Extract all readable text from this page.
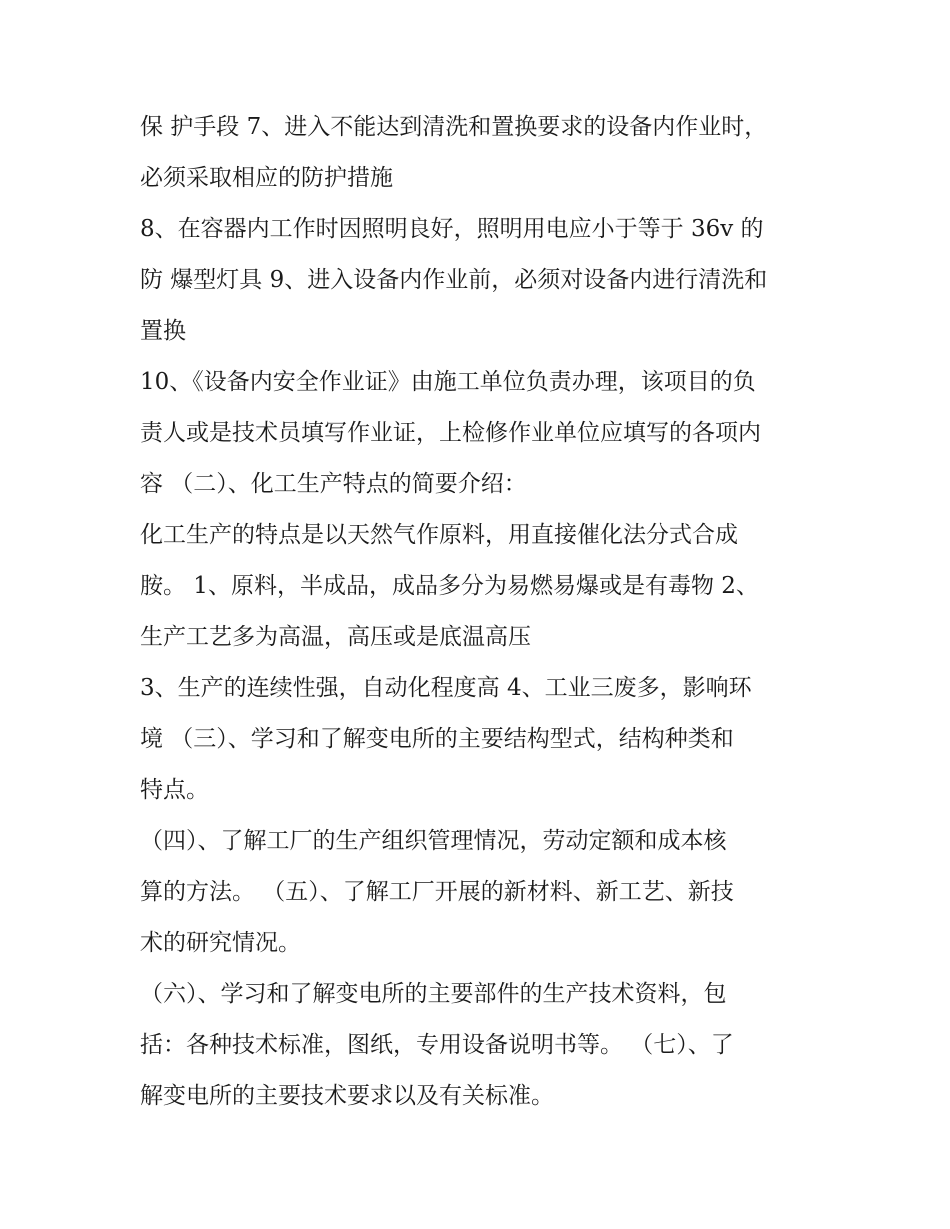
保 护手段 7、进入不能达到清洗和置换要求的设备内作业时，
必须采取相应的防护措施
8、在容器内工作时因照明良好，照明用电应小于等于 36v 的
防 爆型灯具 9、进入设备内作业前，必须对设备内进行清洗和
置换
10、《设备内安全作业证》由施工单位负责办理，该项目的负
责人或是技术员填写作业证，上检修作业单位应填写的各项内
容 （二）、化工生产特点的简要介绍：
化工生产的特点是以天然气作原料，用直接催化法分式合成
胺。 1、原料，半成品，成品多分为易燃易爆或是有毒物 2、
生产工艺多为高温，高压或是底温高压
3、生产的连续性强，自动化程度高 4、工业三废多，影响环
境 （三）、学习和了解变电所的主要结构型式，结构种类和
特点。
（四）、了解工厂的生产组织管理情况，劳动定额和成本核
算的方法。 （五）、了解工厂开展的新材料、新工艺、新技
术的研究情况。
（六）、学习和了解变电所的主要部件的生产技术资料，包
括：各种技术标准，图纸，专用设备说明书等。 （七）、了
解变电所的主要技术要求以及有关标准。
